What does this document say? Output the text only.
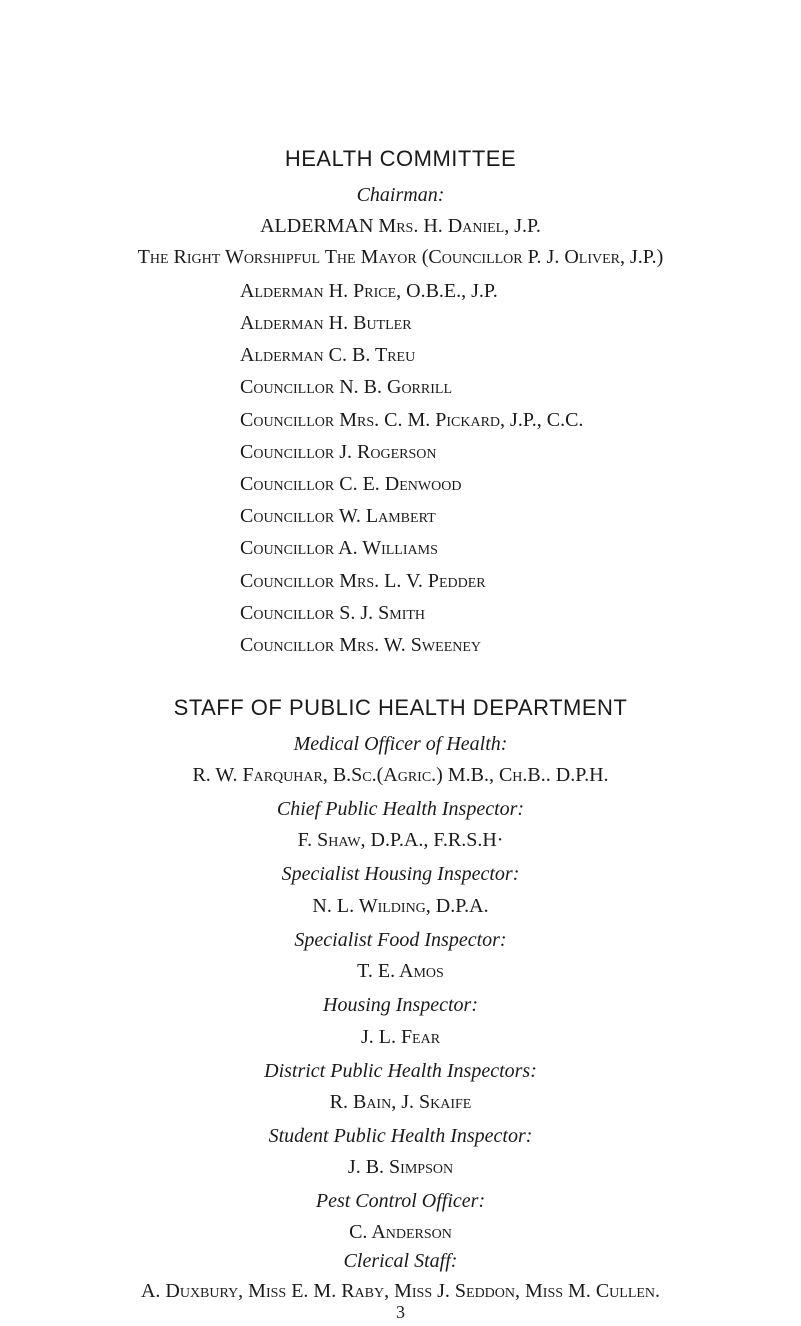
HEALTH COMMITTEE
Chairman:
ALDERMAN Mrs. H. Daniel, J.P.
The Right Worshipful The Mayor (Councillor P. J. Oliver, J.P.)
Alderman H. Price, O.B.E., J.P.
Alderman H. Butler
Alderman C. B. Treu
Councillor N. B. Gorrill
Councillor Mrs. C. M. Pickard, J.P., C.C.
Councillor J. Rogerson
Councillor C. E. Denwood
Councillor W. Lambert
Councillor A. Williams
Councillor Mrs. L. V. Pedder
Councillor S. J. Smith
Councillor Mrs. W. Sweeney
STAFF OF PUBLIC HEALTH DEPARTMENT
Medical Officer of Health:
R. W. Farquhar, B.Sc.(Agric.) M.B., Ch.B.. D.P.H.
Chief Public Health Inspector:
F. Shaw, D.P.A., F.R.S.H·
Specialist Housing Inspector:
N. L. Wilding, D.P.A.
Specialist Food Inspector:
T. E. Amos
Housing Inspector:
J. L. Fear
District Public Health Inspectors:
R. Bain, J. Skaife
Student Public Health Inspector:
J. B. Simpson
Pest Control Officer:
C. Anderson
Clerical Staff:
A. Duxbury, Miss E. M. Raby, Miss J. Seddon, Miss M. Cullen.
3
